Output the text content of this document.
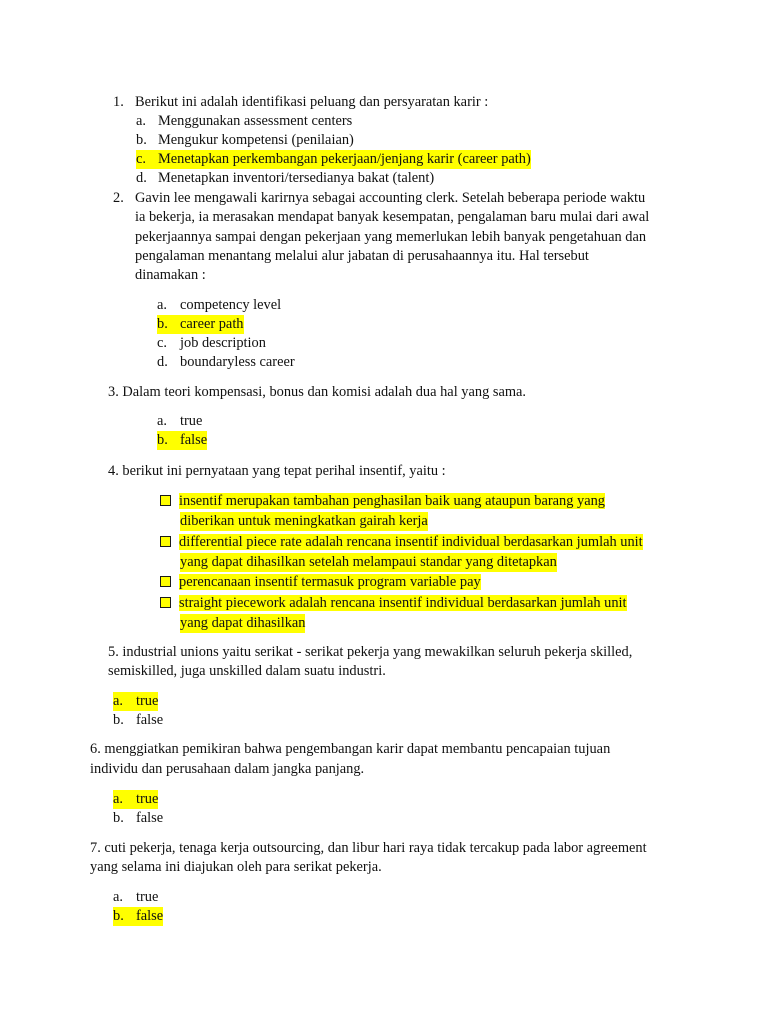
1. Berikut ini adalah identifikasi peluang dan persyaratan karir :
a. Menggunakan assessment centers
b. Mengukur kompetensi (penilaian)
c. Menetapkan perkembangan pekerjaan/jenjang karir (career path)
d. Menetapkan inventori/tersedianya bakat (talent)
2. Gavin lee mengawali karirnya sebagai accounting clerk. Setelah beberapa periode waktu
ia bekerja, ia merasakan mendapat banyak kesempatan, pengalaman baru mulai dari awal
pekerjaannya sampai dengan pekerjaan yang memerlukan lebih banyak pengetahuan dan
pengalaman menantang melalui alur jabatan di perusahaannya itu. Hal tersebut
dinamakan :
a. competency level
b. career path
c. job description
d. boundaryless career
3. Dalam teori kompensasi, bonus dan komisi adalah dua hal yang sama.
a. true
b. false
4. berikut ini pernyataan yang tepat perihal insentif, yaitu :
insentif merupakan tambahan penghasilan baik uang ataupun barang yang
diberikan untuk meningkatkan gairah kerja
differential piece rate adalah rencana insentif individual berdasarkan jumlah unit
yang dapat dihasilkan setelah melampaui standar yang ditetapkan
perencanaan insentif termasuk program variable pay
straight piecework adalah rencana insentif individual berdasarkan jumlah unit
yang dapat dihasilkan
5. industrial unions yaitu serikat - serikat pekerja yang mewakilkan seluruh pekerja skilled,
semiskilled, juga unskilled dalam suatu industri.
a. true
b. false
6. menggiatkan pemikiran bahwa pengembangan karir dapat membantu pencapaian tujuan
individu dan perusahaan dalam jangka panjang.
a. true
b. false
7. cuti pekerja, tenaga kerja outsourcing, dan libur hari raya tidak tercakup pada labor agreement
yang selama ini diajukan oleh para serikat pekerja.
a. true
b. false
